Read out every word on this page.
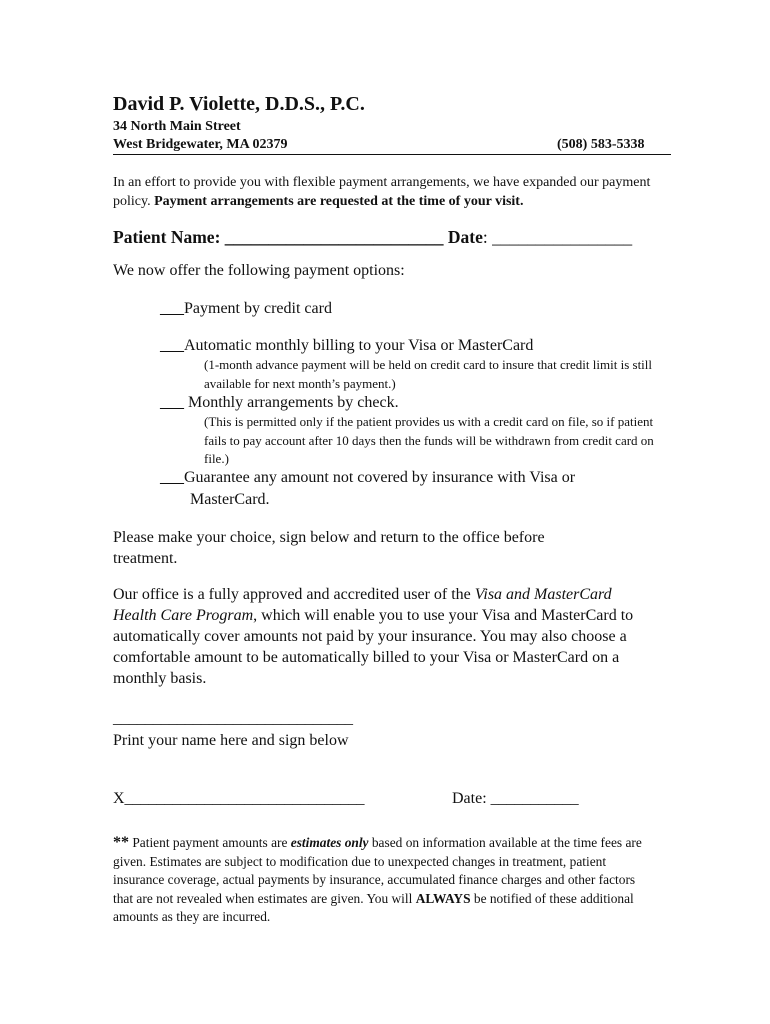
David P. Violette, D.D.S., P.C.
34 North Main Street
West Bridgewater, MA 02379	(508) 583-5338
In an effort to provide you with flexible payment arrangements, we have expanded our payment policy. Payment arrangements are requested at the time of your visit.
Patient Name: _________________________ Date: ________________
We now offer the following payment options:
___Payment by credit card
___Automatic monthly billing to your Visa or MasterCard
(1-month advance payment will be held on credit card to insure that credit limit is still available for next month’s payment.)
___ Monthly arrangements by check.
(This is permitted only if the patient provides us with a credit card on file, so if patient fails to pay account after 10 days then the funds will be withdrawn from credit card on file.)
___Guarantee any amount not covered by insurance with Visa or
MasterCard.
Please make your choice, sign below and return to the office before treatment.
Our office is a fully approved and accredited user of the Visa and MasterCard Health Care Program, which will enable you to use your Visa and MasterCard to automatically cover amounts not paid by your insurance. You may also choose a comfortable amount to be automatically billed to your Visa or MasterCard on a monthly basis.
______________________________
Print your name here and sign below
X______________________________	Date: ___________
** Patient payment amounts are estimates only based on information available at the time fees are given. Estimates are subject to modification due to unexpected changes in treatment, patient insurance coverage, actual payments by insurance, accumulated finance charges and other factors that are not revealed when estimates are given. You will ALWAYS be notified of these additional amounts as they are incurred.
